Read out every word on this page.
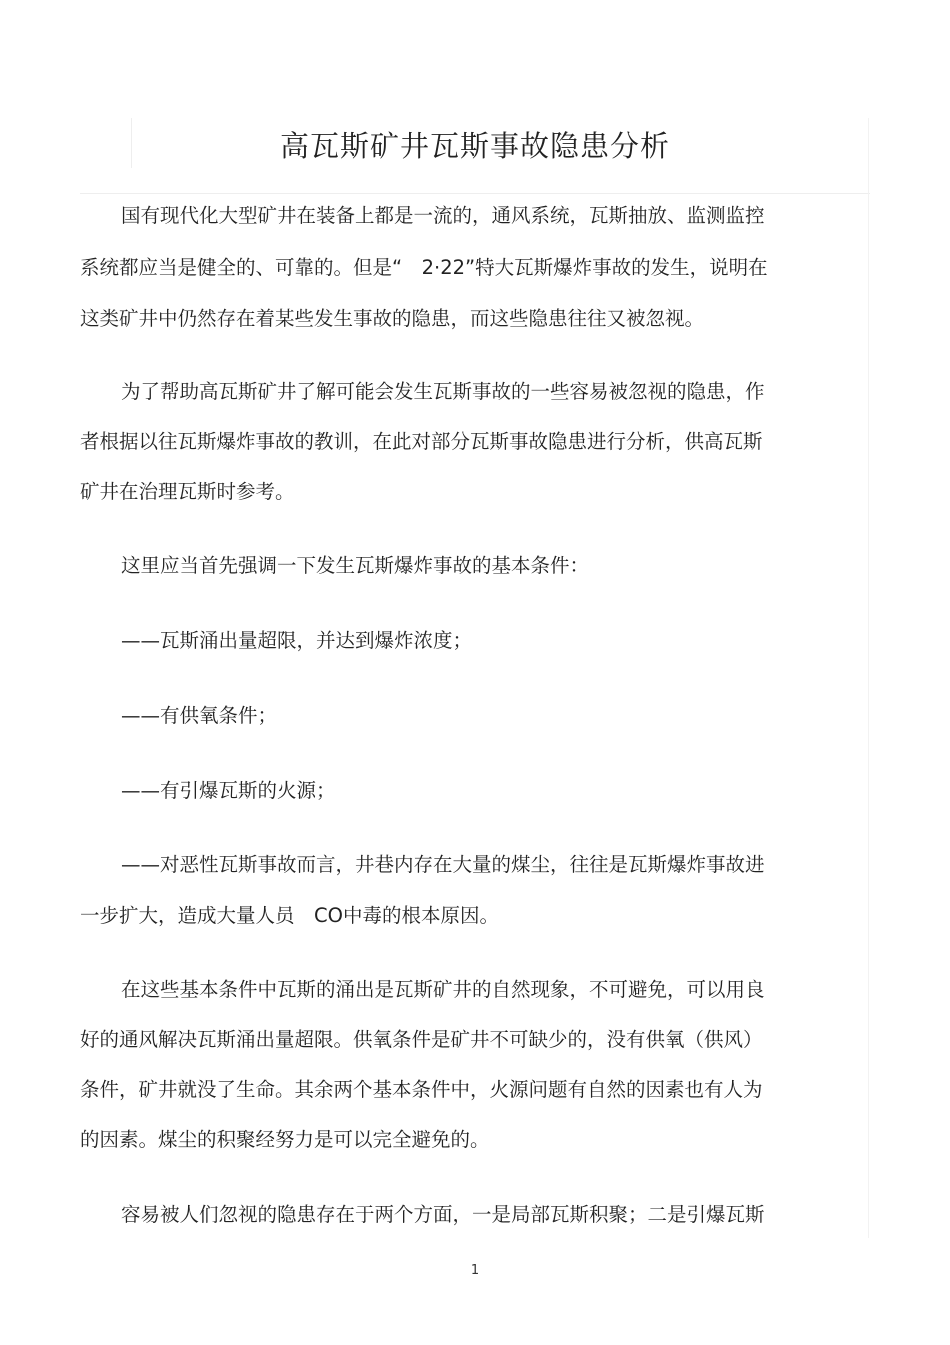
高瓦斯矿井瓦斯事故隐患分析

国有现代化大型矿井在装备上都是一流的，通风系统，瓦斯抽放、监测监控

系统都应当是健全的、可靠的。但是“　2·22”特大瓦斯爆炸事故的发生，说明在

这类矿井中仍然存在着某些发生事故的隐患，而这些隐患往往又被忽视。

为了帮助高瓦斯矿井了解可能会发生瓦斯事故的一些容易被忽视的隐患，作

者根据以往瓦斯爆炸事故的教训，在此对部分瓦斯事故隐患进行分析，供高瓦斯

矿井在治理瓦斯时参考。

这里应当首先强调一下发生瓦斯爆炸事故的基本条件：

——瓦斯涌出量超限，并达到爆炸浓度；

——有供氧条件；

——有引爆瓦斯的火源；

——对恶性瓦斯事故而言，井巷内存在大量的煤尘，往往是瓦斯爆炸事故进

一步扩大，造成大量人员　CO中毒的根本原因。

在这些基本条件中瓦斯的涌出是瓦斯矿井的自然现象，不可避免，可以用良

好的通风解决瓦斯涌出量超限。供氧条件是矿井不可缺少的，没有供氧（供风）

条件，矿井就没了生命。其余两个基本条件中，火源问题有自然的因素也有人为

的因素。煤尘的积聚经努力是可以完全避免的。

容易被人们忽视的隐患存在于两个方面，一是局部瓦斯积聚；二是引爆瓦斯

1
